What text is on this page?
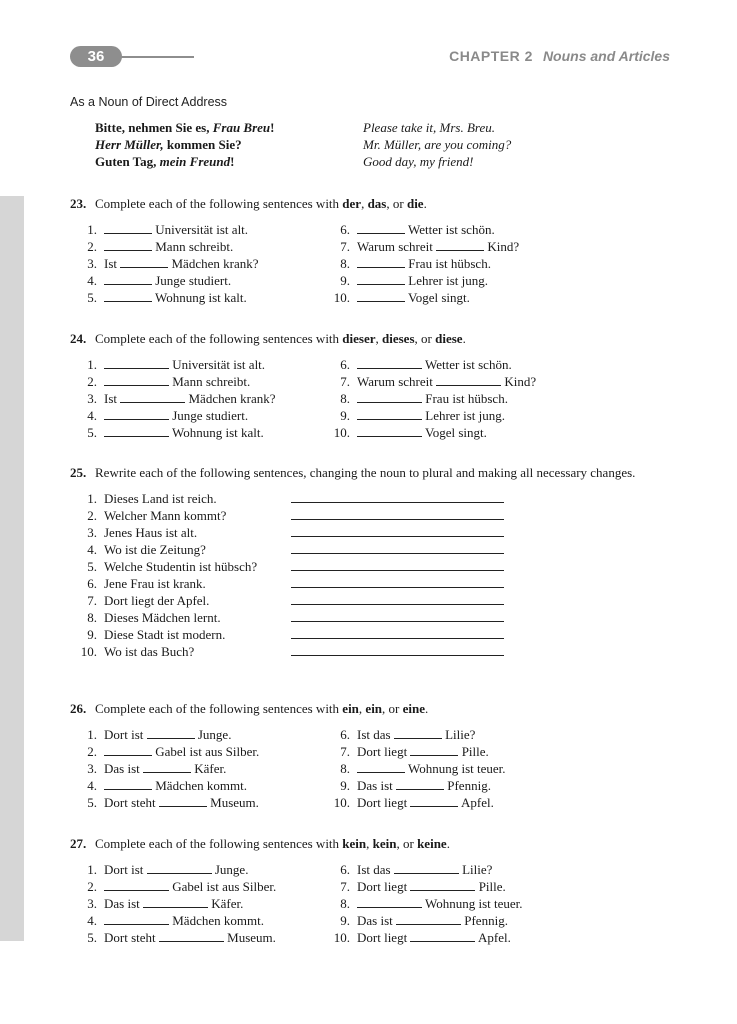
36	CHAPTER 2 Nouns and Articles
As a Noun of Direct Address
Bitte, nehmen Sie es, Frau Breu!	Please take it, Mrs. Breu.
Herr Müller, kommen Sie?	Mr. Müller, are you coming?
Guten Tag, mein Freund!	Good day, my friend!
23. Complete each of the following sentences with der, das, or die.
1.	Universität ist alt.
2.	Mann schreibt.
3. Ist	Mädchen krank?
4.	Junge studiert.
5.	Wohnung ist kalt.
6.	Wetter ist schön.
7. Warum schreit	Kind?
8.	Frau ist hübsch.
9.	Lehrer ist jung.
10.	Vogel singt.
24. Complete each of the following sentences with dieser, dieses, or diese.
1.	Universität ist alt.
2.	Mann schreibt.
3. Ist	Mädchen krank?
4.	Junge studiert.
5.	Wohnung ist kalt.
6.	Wetter ist schön.
7. Warum schreit	Kind?
8.	Frau ist hübsch.
9.	Lehrer ist jung.
10.	Vogel singt.
25. Rewrite each of the following sentences, changing the noun to plural and making all necessary changes.
1. Dieses Land ist reich.
2. Welcher Mann kommt?
3. Jenes Haus ist alt.
4. Wo ist die Zeitung?
5. Welche Studentin ist hübsch?
6. Jene Frau ist krank.
7. Dort liegt der Apfel.
8. Dieses Mädchen lernt.
9. Diese Stadt ist modern.
10. Wo ist das Buch?
26. Complete each of the following sentences with ein, ein, or eine.
1. Dort ist	Junge.
2.	Gabel ist aus Silber.
3. Das ist	Käfer.
4.	Mädchen kommt.
5. Dort steht	Museum.
6. Ist das	Lilie?
7. Dort liegt	Pille.
8.	Wohnung ist teuer.
9. Das ist	Pfennig.
10. Dort liegt	Apfel.
27. Complete each of the following sentences with kein, kein, or keine.
1. Dort ist	Junge.
2.	Gabel ist aus Silber.
3. Das ist	Käfer.
4.	Mädchen kommt.
5. Dort steht	Museum.
6. Ist das	Lilie?
7. Dort liegt	Pille.
8.	Wohnung ist teuer.
9. Das ist	Pfennig.
10. Dort liegt	Apfel.
